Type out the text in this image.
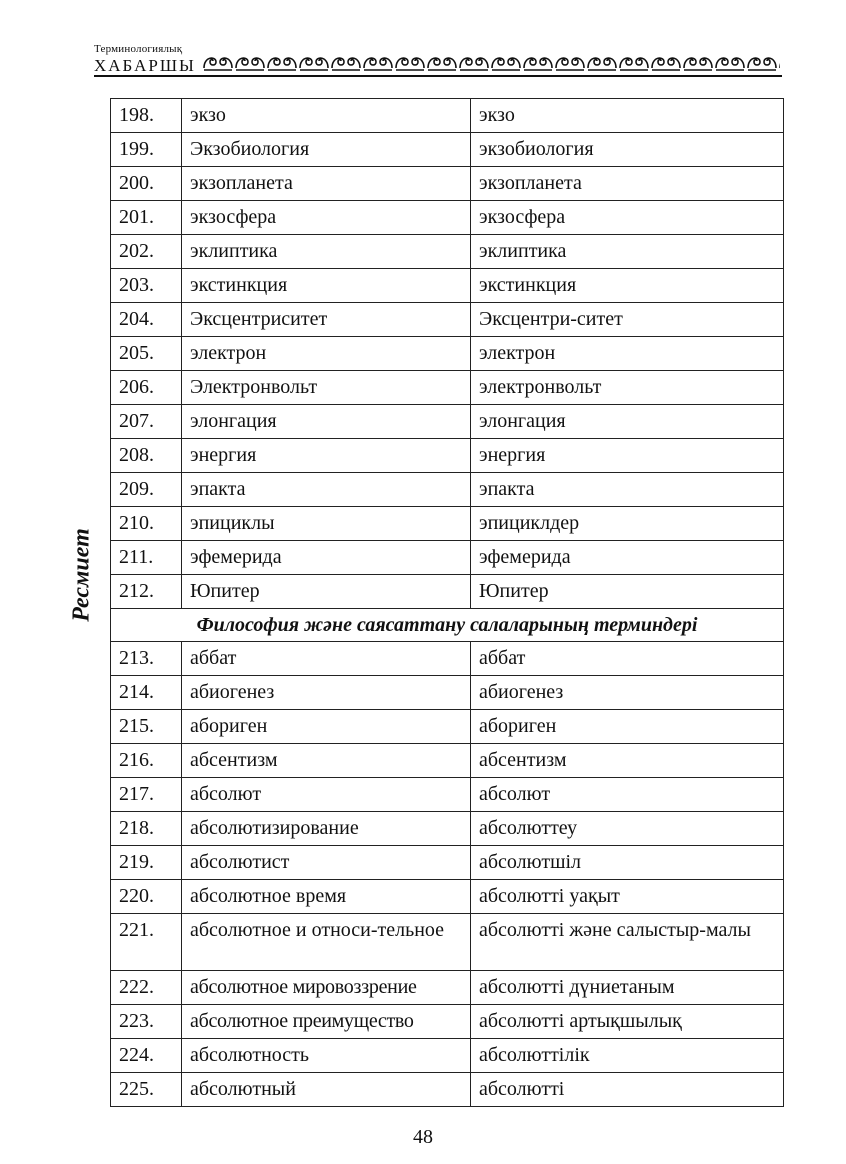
Терминологиялық
ХАБАРШЫ
Ресмиет
198.	экзо	экзо
199.	Экзобиология	экзобиология
200.	экзопланета	экзопланета
201.	экзосфера	экзосфера
202.	эклиптика	эклиптика
203.	экстинкция	экстинкция
204.	Эксцентриситет	Эксцентри-ситет
205.	электрон	электрон
206.	Электронвольт	электронвольт
207.	элонгация	элонгация
208.	энергия	энергия
209.	эпакта	эпакта
210.	эпициклы	эпициклдер
211.	эфемерида	эфемерида
212.	Юпитер	Юпитер
Философия және саясаттану салаларының терминдері		
213.	аббат	аббат
214.	абиогенез	абиогенез
215.	абориген	абориген
216.	абсентизм	абсентизм
217.	абсолют	абсолют
218.	абсолютизирование	абсолюттеу
219.	абсолютист	абсолютшіл
220.	абсолютное время	абсолютті уақыт
221.	абсолютное и относи-тельное	абсолютті және салыстыр-малы
222.	абсолютное мировоззрение	абсолютті дүниетаным
223.	абсолютное преимущество	абсолютті артықшылық
224.	абсолютность	абсолюттілік
225.	абсолютный	абсолютті
48
